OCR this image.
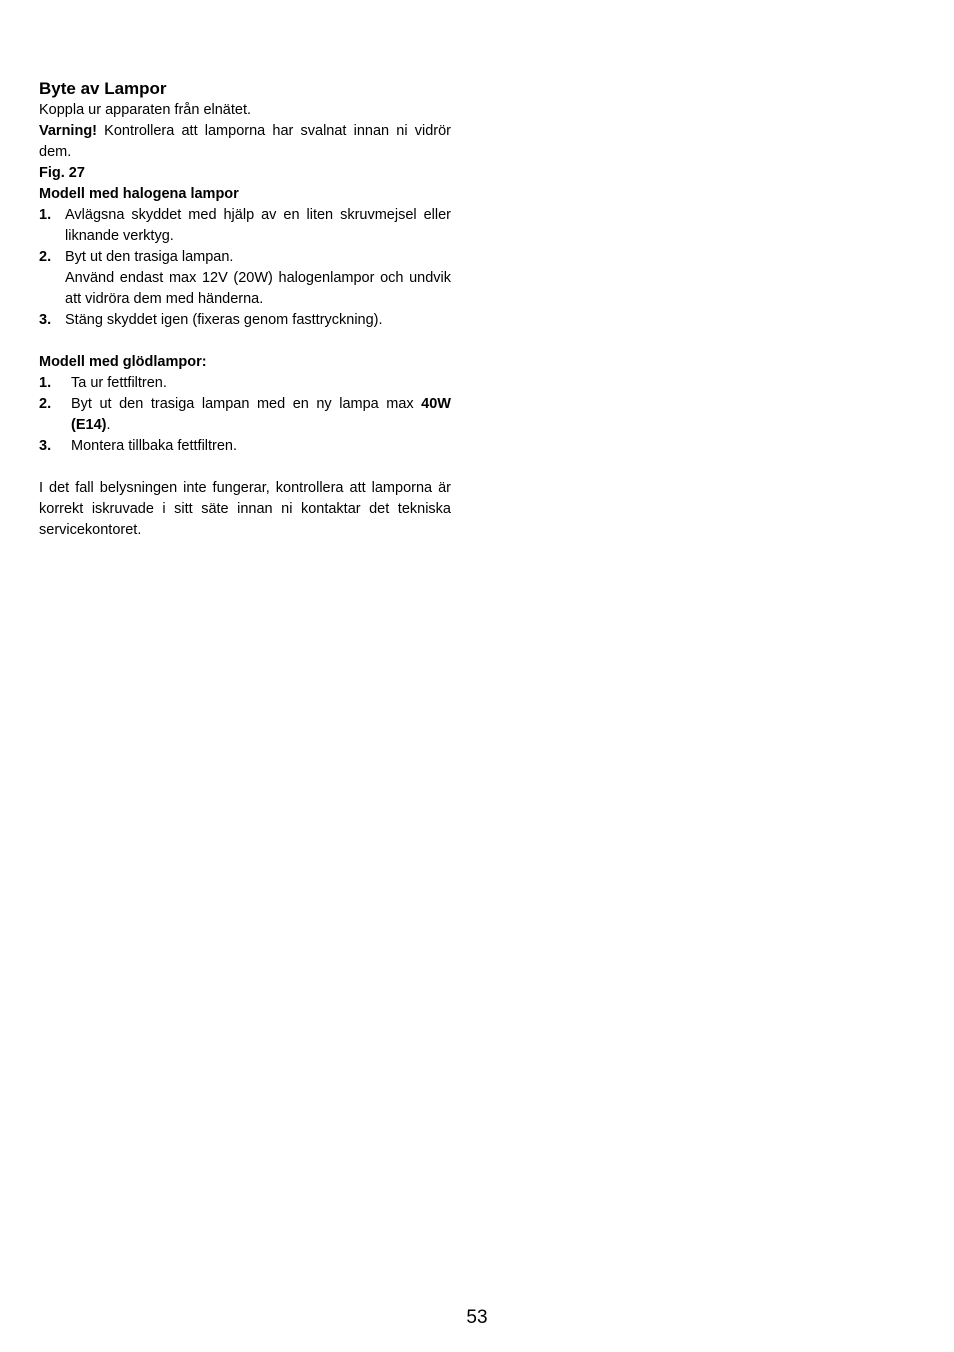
Byte av Lampor

Koppla ur apparaten från elnätet.

Varning! Kontrollera att lamporna har svalnat innan ni vidrör dem.

Fig. 27

Modell med halogena lampor

1. Avlägsna skyddet med hjälp av en liten skruvmejsel eller liknande verktyg.
2. Byt ut den trasiga lampan.
Använd endast max 12V (20W) halogenlampor och undvik att vidröra dem med händerna.
3. Stäng skyddet igen (fixeras genom fasttryckning).

Modell med glödlampor:

1.	Ta ur fettfiltren.
2.	Byt ut den trasiga lampan med en ny lampa max 40W (E14).
3.	Montera tillbaka fettfiltren.

I det fall belysningen inte fungerar, kontrollera att lamporna är korrekt iskruvade i sitt säte innan ni kontaktar det tekniska servicekontoret.

53
